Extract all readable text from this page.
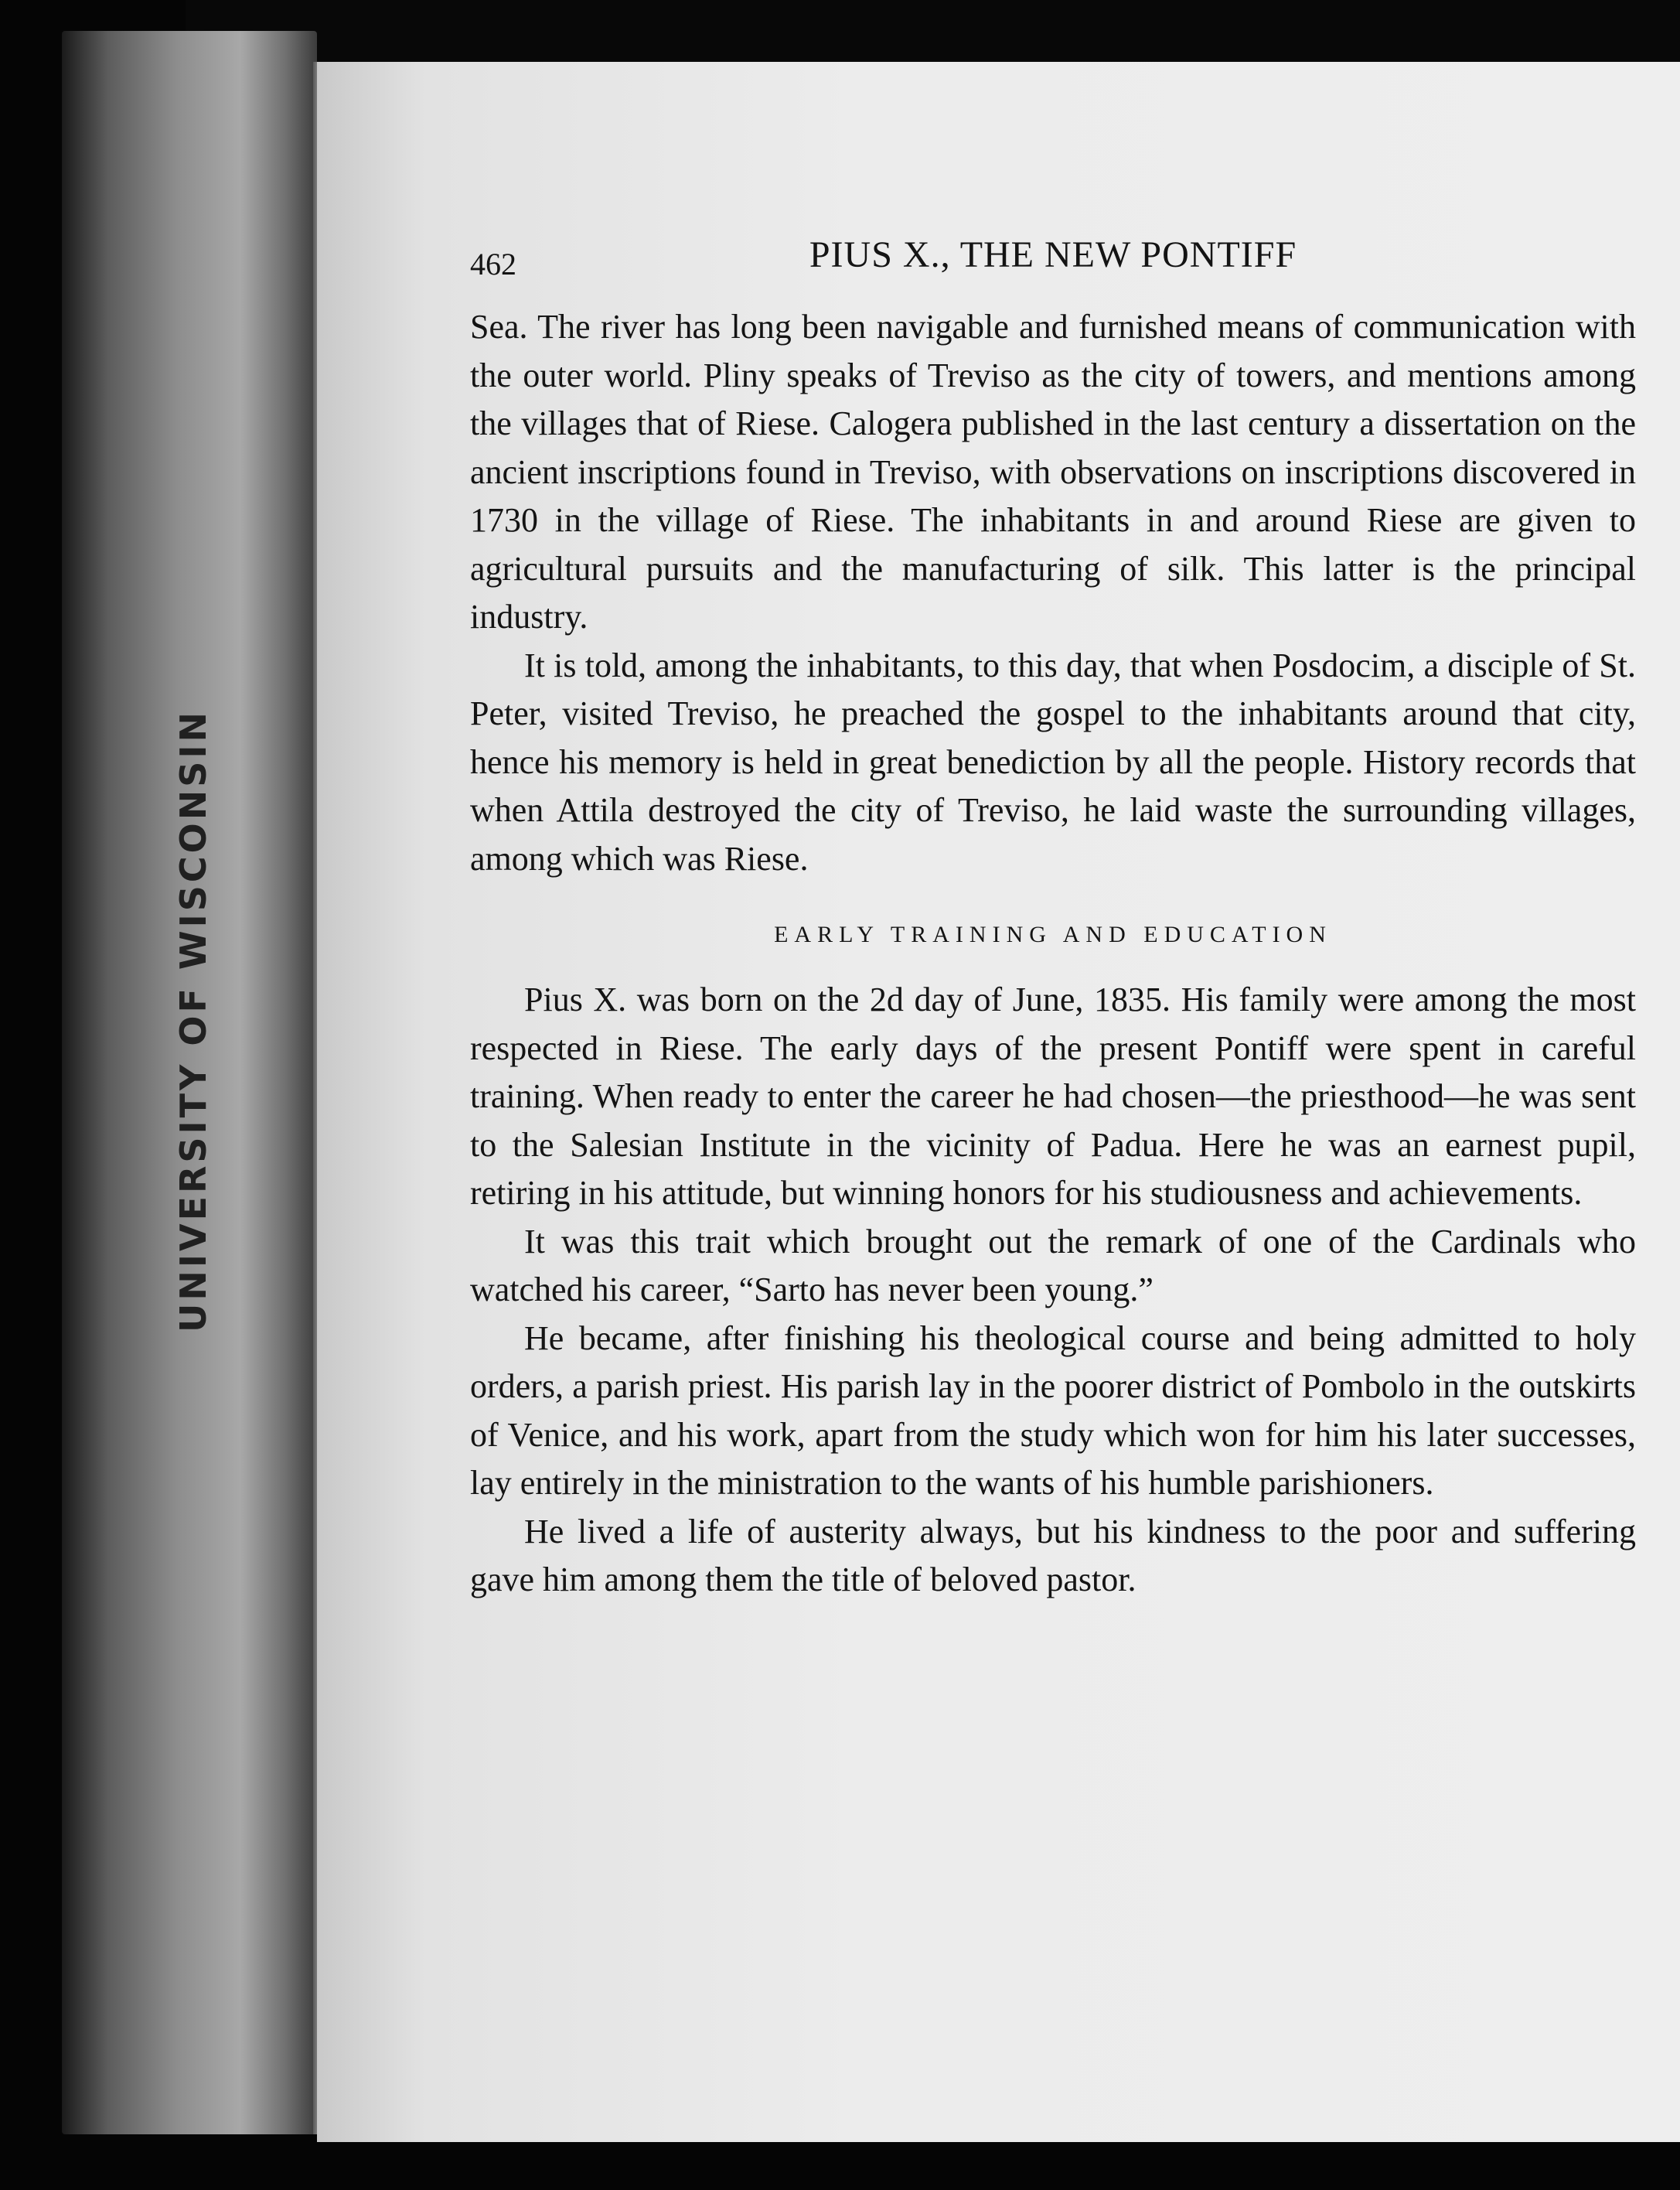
UNIVERSITY OF WISCONSIN
462	PIUS X., THE NEW PONTIFF

Sea. The river has long been navigable and furnished means of communication with the outer world. Pliny speaks of Treviso as the city of towers, and mentions among the villages that of Riese. Calogera published in the last century a dissertation on the ancient inscriptions found in Treviso, with observations on inscriptions discovered in 1730 in the village of Riese. The inhabitants in and around Riese are given to agricultural pursuits and the manufacturing of silk. This latter is the principal industry.

It is told, among the inhabitants, to this day, that when Posdocim, a disciple of St. Peter, visited Treviso, he preached the gospel to the inhabitants around that city, hence his memory is held in great benediction by all the people. History records that when Attila destroyed the city of Treviso, he laid waste the surrounding villages, among which was Riese.

EARLY TRAINING AND EDUCATION

Pius X. was born on the 2d day of June, 1835. His family were among the most respected in Riese. The early days of the present Pontiff were spent in careful training. When ready to enter the career he had chosen—the priesthood—he was sent to the Salesian Institute in the vicinity of Padua. Here he was an earnest pupil, retiring in his attitude, but winning honors for his studiousness and achievements.

It was this trait which brought out the remark of one of the Cardinals who watched his career, “Sarto has never been young.”

He became, after finishing his theological course and being admitted to holy orders, a parish priest. His parish lay in the poorer district of Pombolo in the outskirts of Venice, and his work, apart from the study which won for him his later successes, lay entirely in the ministration to the wants of his humble parishioners.

He lived a life of austerity always, but his kindness to the poor and suffering gave him among them the title of beloved pastor.
